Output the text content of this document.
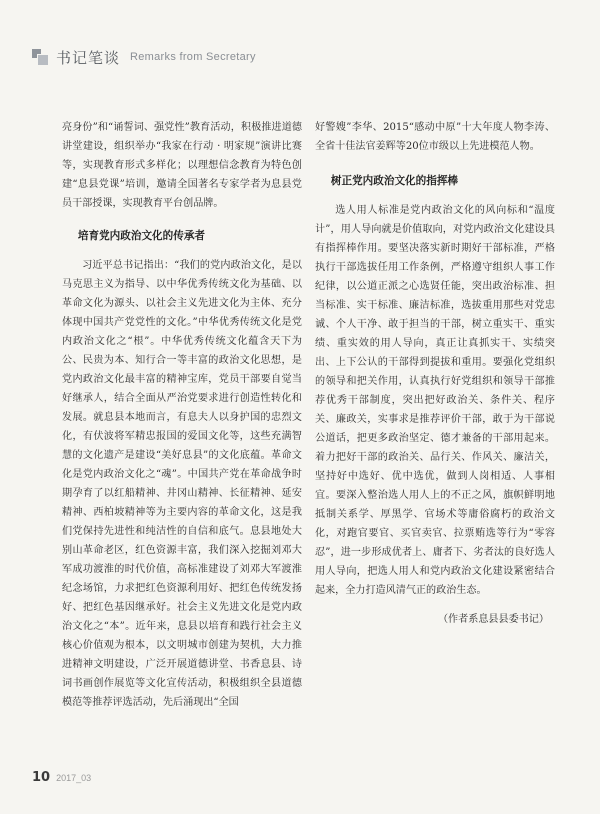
书记笔谈 Remarks from Secretary

亮身份”和“诵誓词、强党性”教育活动，积极推进道德讲堂建设，组织举办“我家在行动 · 明家规”演讲比赛等，实现教育形式多样化；以理想信念教育为特色创建“息县党课”培训，邀请全国著名专家学者为息县党员干部授课，实现教育平台创品牌。

培育党内政治文化的传承者

习近平总书记指出：“我们的党内政治文化，是以马克思主义为指导、以中华优秀传统文化为基础、以革命文化为源头、以社会主义先进文化为主体、充分体现中国共产党党性的文化。”中华优秀传统文化是党内政治文化之“根”。中华优秀传统文化蕴含天下为公、民贵为本、知行合一等丰富的政治文化思想，是党内政治文化最丰富的精神宝库，党员干部要自觉当好继承人，结合全面从严治党要求进行创造性转化和发展。就息县本地而言，有息夫人以身护国的忠烈文化，有伏波将军精忠报国的爱国文化等，这些充满智慧的文化遗产是建设“美好息县”的文化底蕴。革命文化是党内政治文化之“魂”。中国共产党在革命战争时期孕育了以红船精神、井冈山精神、长征精神、延安精神、西柏坡精神等为主要内容的革命文化，这是我们党保持先进性和纯洁性的自信和底气。息县地处大别山革命老区，红色资源丰富，我们深入挖掘刘邓大军成功渡淮的时代价值，高标准建设了刘邓大军渡淮纪念场馆，力求把红色资源利用好、把红色传统发扬好、把红色基因继承好。社会主义先进文化是党内政治文化之“本”。近年来，息县以培育和践行社会主义核心价值观为根本，以文明城市创建为契机，大力推进精神文明建设，广泛开展道德讲堂、书香息县、诗词书画创作展览等文化宣传活动，积极组织全县道德模范等推荐评选活动，先后涌现出“全国

好警嫂”李华、2015“感动中原”十大年度人物李涛、全省十佳法官姜辉等20位市级以上先进模范人物。

树正党内政治文化的指挥棒

选人用人标准是党内政治文化的风向标和“温度计”，用人导向就是价值取向，对党内政治文化建设具有指挥棒作用。要坚决落实新时期好干部标准，严格执行干部选拔任用工作条例，严格遵守组织人事工作纪律，以公道正派之心选贤任能，突出政治标准、担当标准、实干标准、廉洁标准，选拔重用那些对党忠诚、个人干净、敢于担当的干部，树立重实干、重实绩、重实效的用人导向，真正让真抓实干、实绩突出、上下公认的干部得到提拔和重用。要强化党组织的领导和把关作用，认真执行好党组织和领导干部推荐优秀干部制度，突出把好政治关、条件关、程序关、廉政关，实事求是推荐评价干部，敢于为干部说公道话，把更多政治坚定、德才兼备的干部用起来。着力把好干部的政治关、品行关、作风关、廉洁关，坚持好中选好、优中选优，做到人岗相适、人事相宜。要深入整治选人用人上的不正之风，旗帜鲜明地抵制关系学、厚黑学、官场术等庸俗腐朽的政治文化，对跑官要官、买官卖官、拉票贿选等行为“零容忍”，进一步形成优者上、庸者下、劣者汰的良好选人用人导向，把选人用人和党内政治文化建设紧密结合起来，全力打造风清气正的政治生态。

（作者系息县县委书记）

10 2017_03
